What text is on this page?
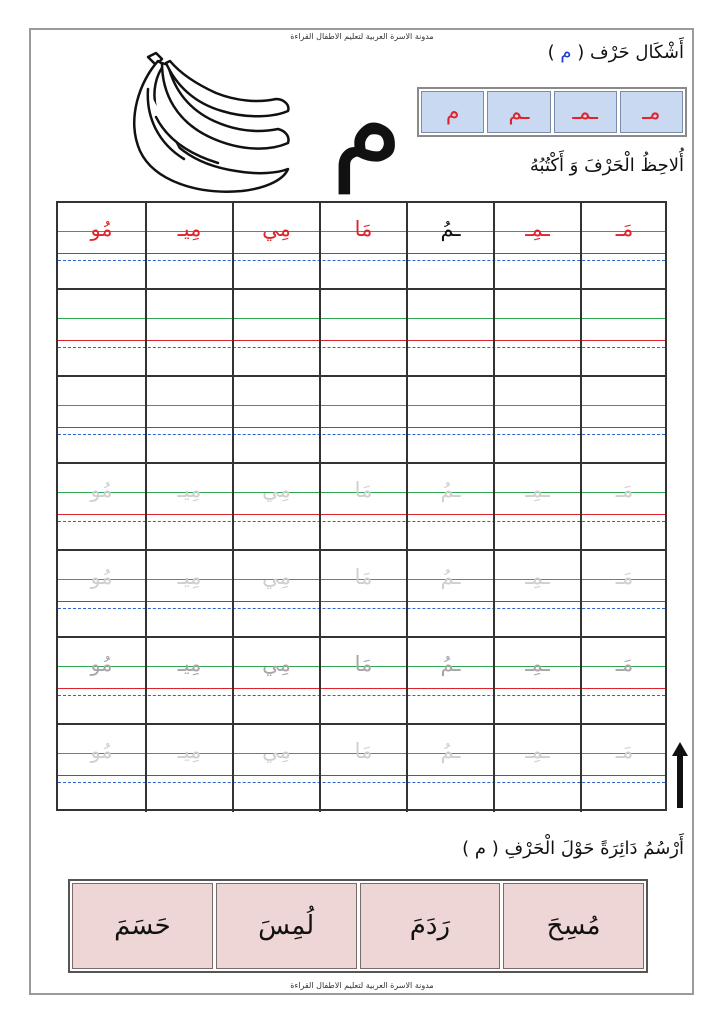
مدونة الاسرة العربية لتعليم الاطفال القراءة
أَشْكَال حَرْف ( م )
مـ
ـمـ
ـم
م
م	أُلاحِظُ الْحَرْفَ وَ أَكْتُبُهُ
مُو	مِيـ	مِي	مَا	ـمُ	ـمِـ	مَـ
مُو	مِيـ	مِي	مَا	ـمُ	ـمِـ	مَـ
مُو	مِيـ	مِي	مَا	ـمُ	ـمِـ	مَـ
مُو	مِيـ	مِي	مَا	ـمُ	ـمِـ	مَـ
مُو	مِيـ	مِي	مَا	ـمُ	ـمِـ	مَـ
أَرْسُمُ دَائِرَةً حَوْلَ الْحَرْفِ ( م )
مُسِحَ
رَدَمَ
لُمِسَ
حَسَمَ
مدونة الاسرة العربية لتعليم الاطفال القراءة
